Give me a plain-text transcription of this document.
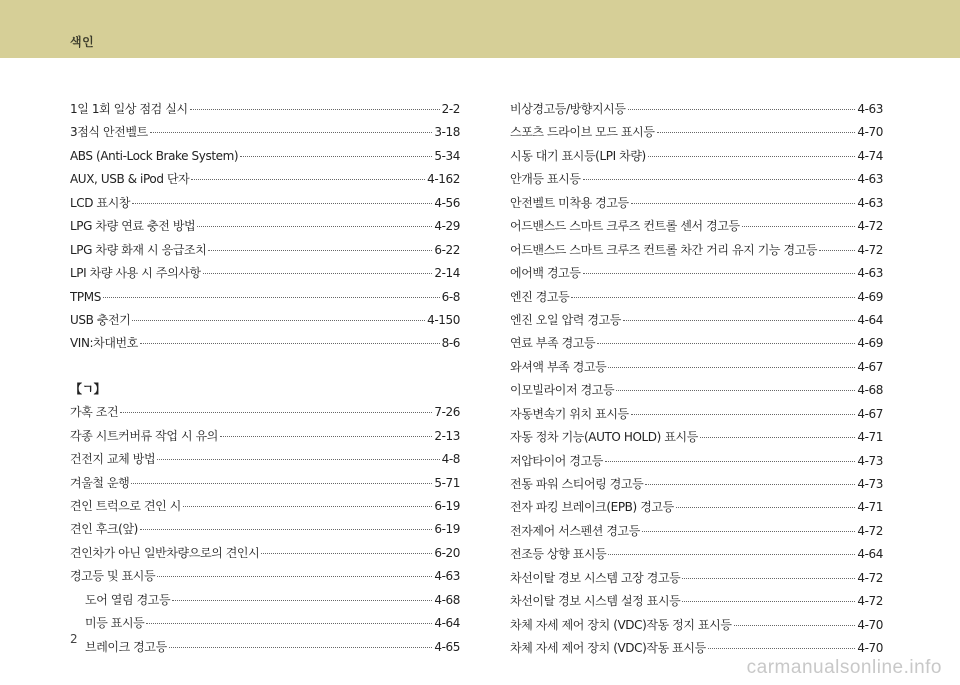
색인
1일 1회 일상 점검 실시	2-2
3점식 안전벨트	3-18
ABS (Anti-Lock Brake System)	5-34
AUX, USB & iPod 단자	4-162
LCD 표시창	4-56
LPG 차량 연료 충전 방법	4-29
LPG 차량 화재 시 응급조치	6-22
LPI 차량 사용 시 주의사항	2-14
TPMS	6-8
USB 충전기	4-150
VIN:차대번호	8-6
【ㄱ】
가혹 조건	7-26
각종 시트커버류 작업 시 유의	2-13
건전지 교체 방법	4-8
겨울철 운행	5-71
견인 트럭으로 견인 시	6-19
견인 후크(앞)	6-19
견인차가 아닌 일반차량으로의 견인시	6-20
경고등 및 표시등	4-63
도어 열림 경고등	4-68
미등 표시등	4-64
브레이크 경고등	4-65
비상경고등/방향지시등	4-63
스포츠 드라이브 모드 표시등	4-70
시동 대기 표시등(LPI 차량)	4-74
안개등 표시등	4-63
안전벨트 미착용 경고등	4-63
어드밴스드 스마트 크루즈 컨트롤 센서 경고등	4-72
어드밴스드 스마트 크루즈 컨트롤 차간 거리 유지 기능 경고등	4-72
에어백 경고등	4-63
엔진 경고등	4-69
엔진 오일 압력 경고등	4-64
연료 부족 경고등	4-69
와셔액 부족 경고등	4-67
이모빌라이저 경고등	4-68
자동변속기 위치 표시등	4-67
자동 정차 기능(AUTO HOLD) 표시등	4-71
저압타이어 경고등	4-73
전동 파워 스티어링 경고등	4-73
전자 파킹 브레이크(EPB) 경고등	4-71
전자제어 서스펜션 경고등	4-72
전조등 상향 표시등	4-64
차선이탈 경보 시스템 고장 경고등	4-72
차선이탈 경보 시스템 설정 표시등	4-72
차체 자세 제어 장치 (VDC)작동 정지 표시등	4-70
차체 자세 제어 장치 (VDC)작동 표시등	4-70
2
carmanualsonline.info
